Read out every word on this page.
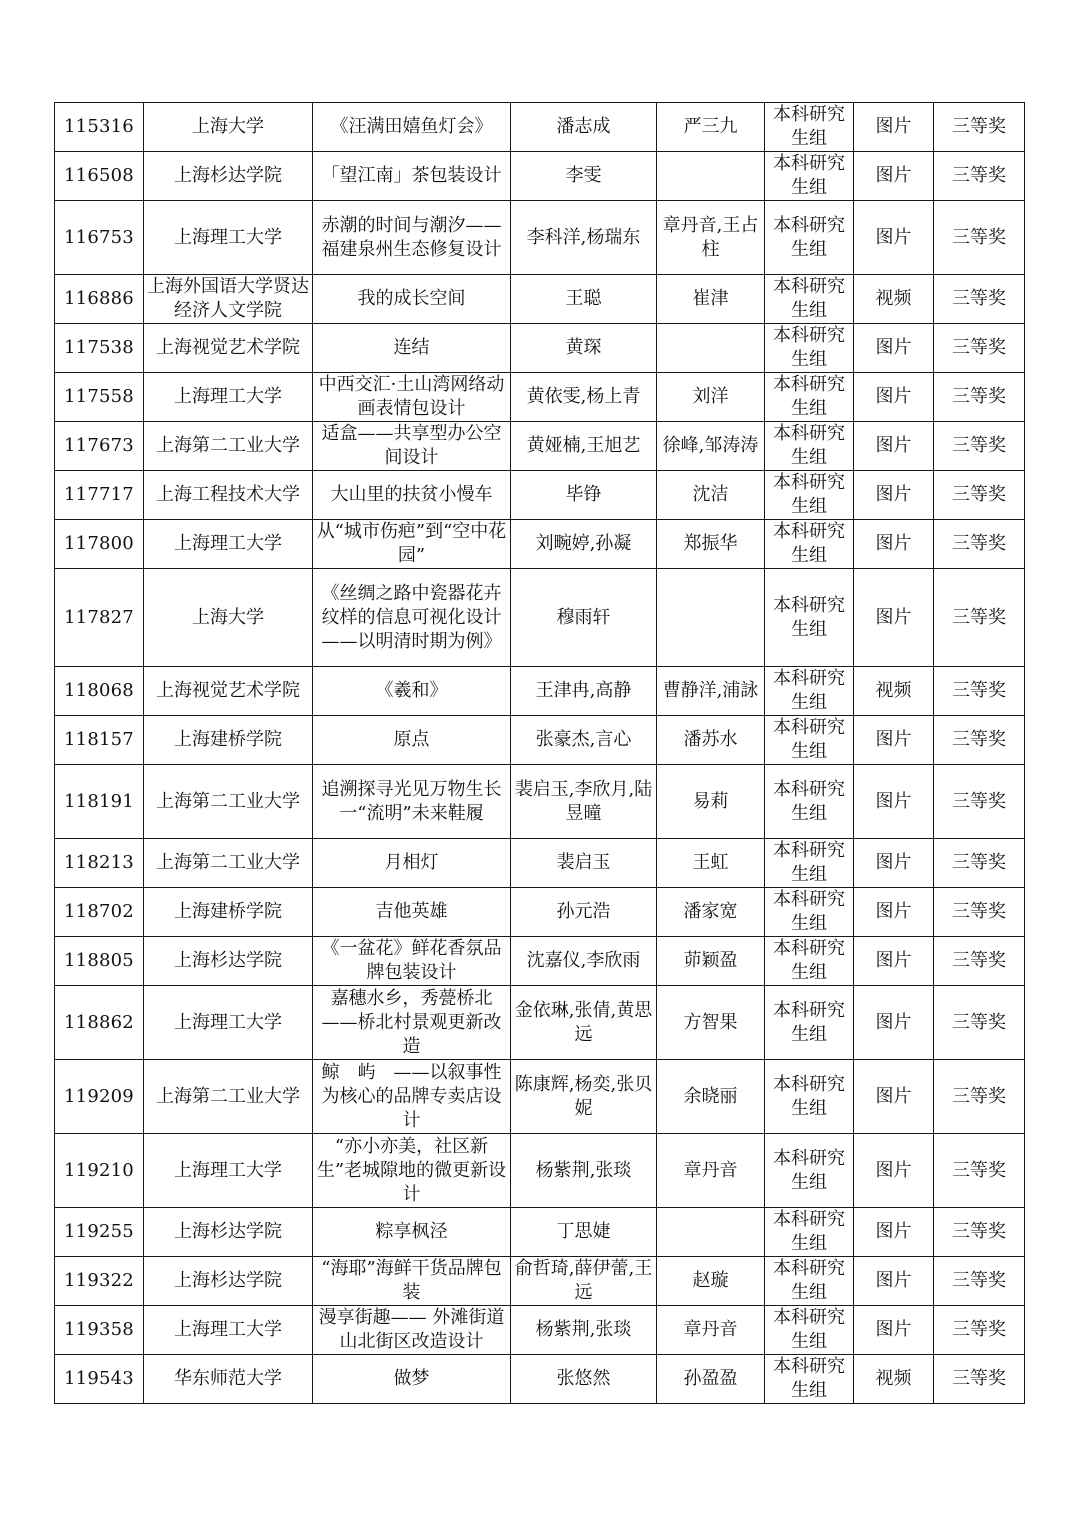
115316	上海大学	《汪满田嬉鱼灯会》	潘志成	严三九	本科研究生组	图片	三等奖
116508	上海杉达学院	「望江南」茶包装设计	李雯		本科研究生组	图片	三等奖
116753	上海理工大学	赤潮的时间与潮汐——福建泉州生态修复设计	李科洋,杨瑞东	章丹音,王占柱	本科研究生组	图片	三等奖
116886	上海外国语大学贤达经济人文学院	我的成长空间	王聪	崔津	本科研究生组	视频	三等奖
117538	上海视觉艺术学院	连结	黄琛		本科研究生组	图片	三等奖
117558	上海理工大学	中西交汇·土山湾网络动画表情包设计	黄依雯,杨上青	刘洋	本科研究生组	图片	三等奖
117673	上海第二工业大学	适盒——共享型办公空间设计	黄娅楠,王旭艺	徐峰,邹涛涛	本科研究生组	图片	三等奖
117717	上海工程技术大学	大山里的扶贫小慢车	毕铮	沈洁	本科研究生组	图片	三等奖
117800	上海理工大学	从“城市伤疤”到“空中花园”	刘畹婷,孙凝	郑振华	本科研究生组	图片	三等奖
117827	上海大学	《丝绸之路中瓷器花卉纹样的信息可视化设计——以明清时期为例》	穆雨轩		本科研究生组	图片	三等奖
118068	上海视觉艺术学院	《羲和》	王津冉,高静	曹静洋,浦詠	本科研究生组	视频	三等奖
118157	上海建桥学院	原点	张豪杰,言心	潘苏水	本科研究生组	图片	三等奖
118191	上海第二工业大学	追溯探寻光见万物生长一“流明”未来鞋履	裴启玉,李欣月,陆昱曈	易莉	本科研究生组	图片	三等奖
118213	上海第二工业大学	月相灯	裴启玉	王虹	本科研究生组	图片	三等奖
118702	上海建桥学院	吉他英雄	孙元浩	潘家宽	本科研究生组	图片	三等奖
118805	上海杉达学院	《一盆花》鲜花香氛品牌包装设计	沈嘉仪,李欣雨	茆颖盈	本科研究生组	图片	三等奖
118862	上海理工大学	嘉穗水乡，秀甍桥北——桥北村景观更新改造	金依琳,张倩,黄思远	方智果	本科研究生组	图片	三等奖
119209	上海第二工业大学	鲸　屿　——以叙事性为核心的品牌专卖店设计	陈康辉,杨奕,张贝妮	余晓丽	本科研究生组	图片	三等奖
119210	上海理工大学	“亦小亦美，社区新生”老城隙地的微更新设计	杨紫荆,张琰	章丹音	本科研究生组	图片	三等奖
119255	上海杉达学院	粽享枫泾	丁思婕		本科研究生组	图片	三等奖
119322	上海杉达学院	“海耶”海鲜干货品牌包装	俞哲琦,薛伊蕾,王远	赵璇	本科研究生组	图片	三等奖
119358	上海理工大学	漫享街趣—— 外滩街道山北街区改造设计	杨紫荆,张琰	章丹音	本科研究生组	图片	三等奖
119543	华东师范大学	做梦	张悠然	孙盈盈	本科研究生组	视频	三等奖
